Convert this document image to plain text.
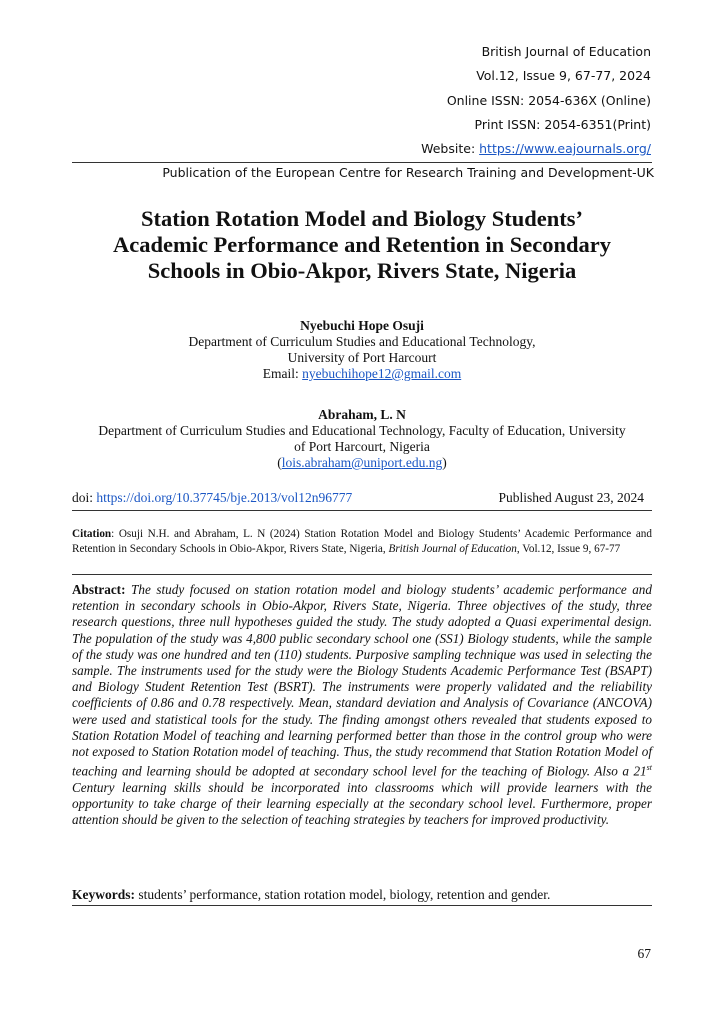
British Journal of Education
Vol.12, Issue 9, 67-77, 2024
Online ISSN: 2054-636X (Online)
Print ISSN: 2054-6351(Print)
Website: https://www.eajournals.org/
Publication of the European Centre for Research Training and Development-UK
Station Rotation Model and Biology Students’
Academic Performance and Retention in Secondary
Schools in Obio-Akpor, Rivers State, Nigeria
Nyebuchi Hope Osuji
Department of Curriculum Studies and Educational Technology,
University of Port Harcourt
Email: nyebuchihope12@gmail.com
Abraham, L. N
Department of Curriculum Studies and Educational Technology, Faculty of Education, University
of Port Harcourt, Nigeria
(lois.abraham@uniport.edu.ng)
doi: https://doi.org/10.37745/bje.2013/vol12n96777	Published August 23, 2024
Citation: Osuji N.H. and Abraham, L. N (2024) Station Rotation Model and Biology Students’ Academic Performance and Retention in Secondary Schools in Obio-Akpor, Rivers State, Nigeria, British Journal of Education, Vol.12, Issue 9, 67-77
Abstract: The study focused on station rotation model and biology students’ academic performance and retention in secondary schools in Obio-Akpor, Rivers State, Nigeria. Three objectives of the study, three research questions, three null hypotheses guided the study. The study adopted a Quasi experimental design. The population of the study was 4,800 public secondary school one (SS1) Biology students, while the sample of the study was one hundred and ten (110) students. Purposive sampling technique was used in selecting the sample. The instruments used for the study were the Biology Students Academic Performance Test (BSAPT) and Biology Student Retention Test (BSRT). The instruments were properly validated and the reliability coefficients of 0.86 and 0.78 respectively. Mean, standard deviation and Analysis of Covariance (ANCOVA) were used and statistical tools for the study. The finding amongst others revealed that students exposed to Station Rotation Model of teaching and learning performed better than those in the control group who were not exposed to Station Rotation model of teaching. Thus, the study recommend that Station Rotation Model of teaching and learning should be adopted at secondary school level for the teaching of Biology. Also a 21st Century learning skills should be incorporated into classrooms which will provide learners with the opportunity to take charge of their learning especially at the secondary school level. Furthermore, proper attention should be given to the selection of teaching strategies by teachers for improved productivity.
Keywords: students’ performance, station rotation model, biology, retention and gender.
67
